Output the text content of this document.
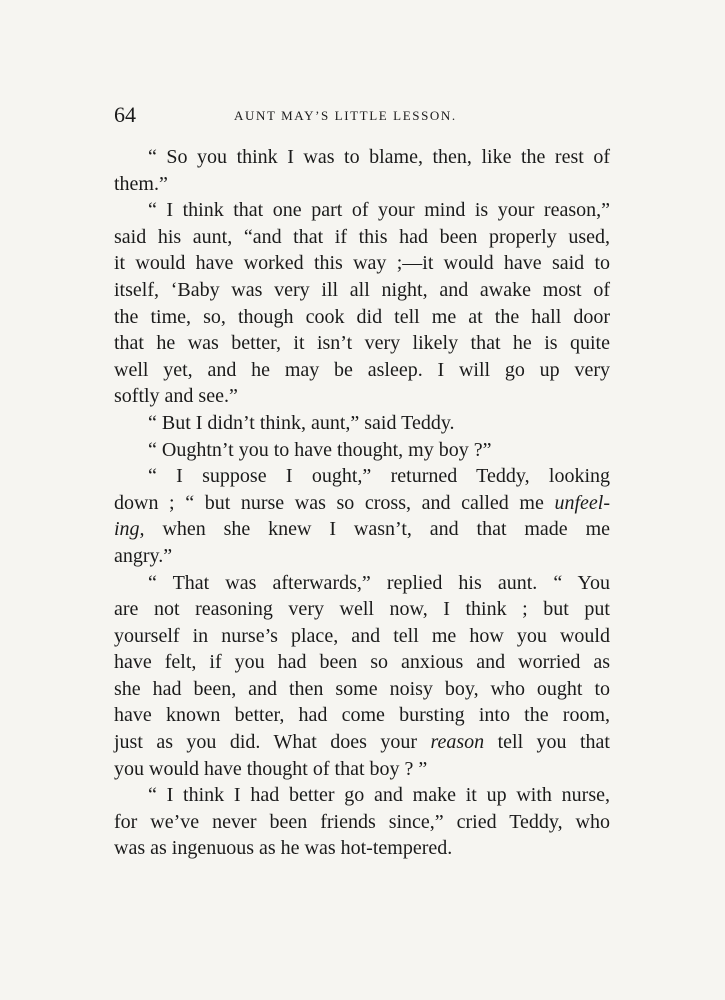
64	AUNT MAY’S LITTLE LESSON.

“ So you think I was to blame, then, like the rest of
them.”

“ I think that one part of your mind is your reason,”
said his aunt, “and that if this had been properly used,
it would have worked this way ;—it would have said to
itself, ‘Baby was very ill all night, and awake most of
the time, so, though cook did tell me at the hall door
that he was better, it isn’t very likely that he is quite
well yet, and he may be asleep. I will go up very
softly and see.”

“ But I didn’t think, aunt,” said Teddy.

“ Oughtn’t you to have thought, my boy ?”

“ I suppose I ought,” returned Teddy, looking
down ; “ but nurse was so cross, and called me unfeel-
ing, when she knew I wasn’t, and that made me
angry.”

“ That was afterwards,” replied his aunt. “ You
are not reasoning very well now, I think ; but put
yourself in nurse’s place, and tell me how you would
have felt, if you had been so anxious and worried as
she had been, and then some noisy boy, who ought to
have known better, had come bursting into the room,
just as you did. What does your reason tell you that
you would have thought of that boy ? ”

“ I think I had better go and make it up with nurse,
for we’ve never been friends since,” cried Teddy, who
was as ingenuous as he was hot-tempered.
